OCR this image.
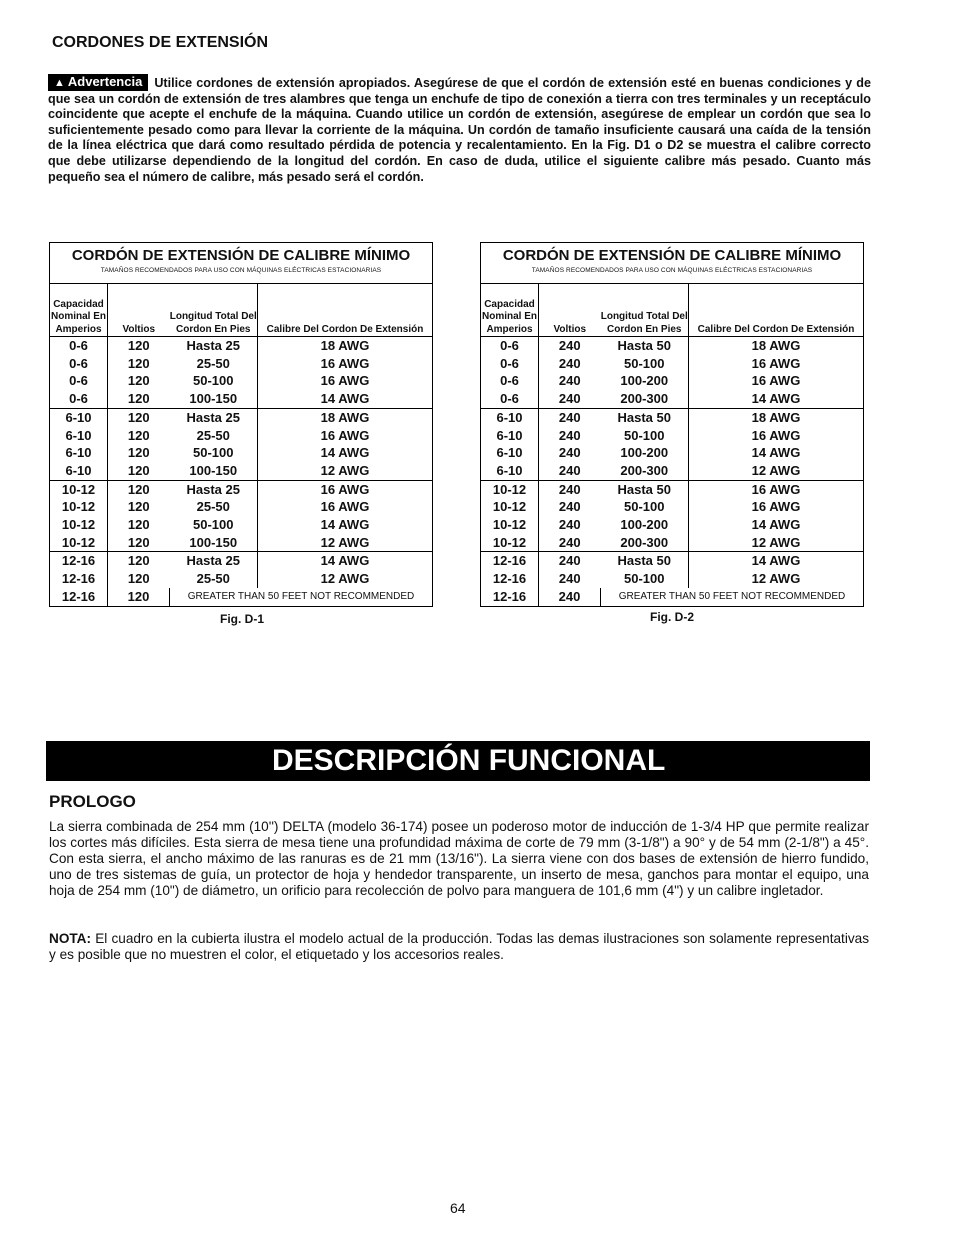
CORDONES DE EXTENSIÓN

▲ Advertencia Utilice cordones de extensión apropiados. Asegúrese de que el cordón de extensión esté en buenas condiciones y de que sea un cordón de extensión de tres alambres que tenga un enchufe de tipo de conexión a tierra con tres terminales y un receptáculo coincidente que acepte el enchufe de la máquina. Cuando utilice un cordón de extensión, asegúrese de emplear un cordón que sea lo suficientemente pesado como para llevar la corriente de la máquina. Un cordón de tamaño insuficiente causará una caída de la tensión de la línea eléctrica que dará como resultado pérdida de potencia y recalentamiento. En la Fig. D1 o D2 se muestra el calibre correcto que debe utilizarse dependiendo de la longitud del cordón. En caso de duda, utilice el siguiente calibre más pesado. Cuanto más pequeño sea el número de calibre, más pesado será el cordón.

CORDÓN DE EXTENSIÓN DE CALIBRE MÍNIMO
TAMAÑOS RECOMENDADOS PARA USO CON MÁQUINAS ELÉCTRICAS ESTACIONARIAS			

Capacidad Nominal En Amperios	Voltios	Longitud Total Del Cordon En Pies	Calibre Del Cordon De Extensión
0-6	120	Hasta 25	18 AWG
0-6	120	25-50	16 AWG
0-6	120	50-100	16 AWG
0-6	120	100-150	14 AWG
6-10	120	Hasta 25	18 AWG
6-10	120	25-50	16 AWG
6-10	120	50-100	14 AWG
6-10	120	100-150	12 AWG
10-12	120	Hasta 25	16 AWG
10-12	120	25-50	16 AWG
10-12	120	50-100	14 AWG
10-12	120	100-150	12 AWG
12-16	120	Hasta 25	14 AWG
12-16	120	25-50	12 AWG
12-16	120	GREATER THAN 50 FEET NOT RECOMMENDED	
Fig. D-1
CORDÓN DE EXTENSIÓN DE CALIBRE MÍNIMO
TAMAÑOS RECOMENDADOS PARA USO CON MÁQUINAS ELÉCTRICAS ESTACIONARIAS			

Capacidad Nominal En Amperios	Voltios	Longitud Total Del Cordon En Pies	Calibre Del Cordon De Extensión
0-6	240	Hasta 50	18 AWG
0-6	240	50-100	16 AWG
0-6	240	100-200	16 AWG
0-6	240	200-300	14 AWG
6-10	240	Hasta 50	18 AWG
6-10	240	50-100	16 AWG
6-10	240	100-200	14 AWG
6-10	240	200-300	12 AWG
10-12	240	Hasta 50	16 AWG
10-12	240	50-100	16 AWG
10-12	240	100-200	14 AWG
10-12	240	200-300	12 AWG
12-16	240	Hasta 50	14 AWG
12-16	240	50-100	12 AWG
12-16	240	GREATER THAN 50 FEET NOT RECOMMENDED	
Fig. D-2
DESCRIPCIÓN FUNCIONAL
PROLOGO

La sierra combinada de 254 mm (10'') DELTA (modelo 36-174) posee un poderoso motor de inducción de 1-3/4 HP que permite realizar los cortes más difíciles. Esta sierra de mesa tiene una profundidad máxima de corte de 79 mm (3-1/8") a 90° y de 54 mm (2-1/8") a 45°. Con esta sierra, el ancho máximo de las ranuras es de 21 mm (13/16"). La sierra viene con dos bases de extensión de hierro fundido, uno de tres sistemas de guía, un protector de hoja y hendedor transparente, un inserto de mesa, ganchos para montar el equipo, una hoja de 254 mm (10") de diámetro, un orificio para recolección de polvo para manguera de 101,6 mm (4") y un calibre ingletador.

NOTA: El cuadro en la cubierta ilustra el modelo actual de la producción. Todas las demas ilustraciones son solamente representativas y es posible que no muestren el color, el etiquetado y los accesorios reales.

64
